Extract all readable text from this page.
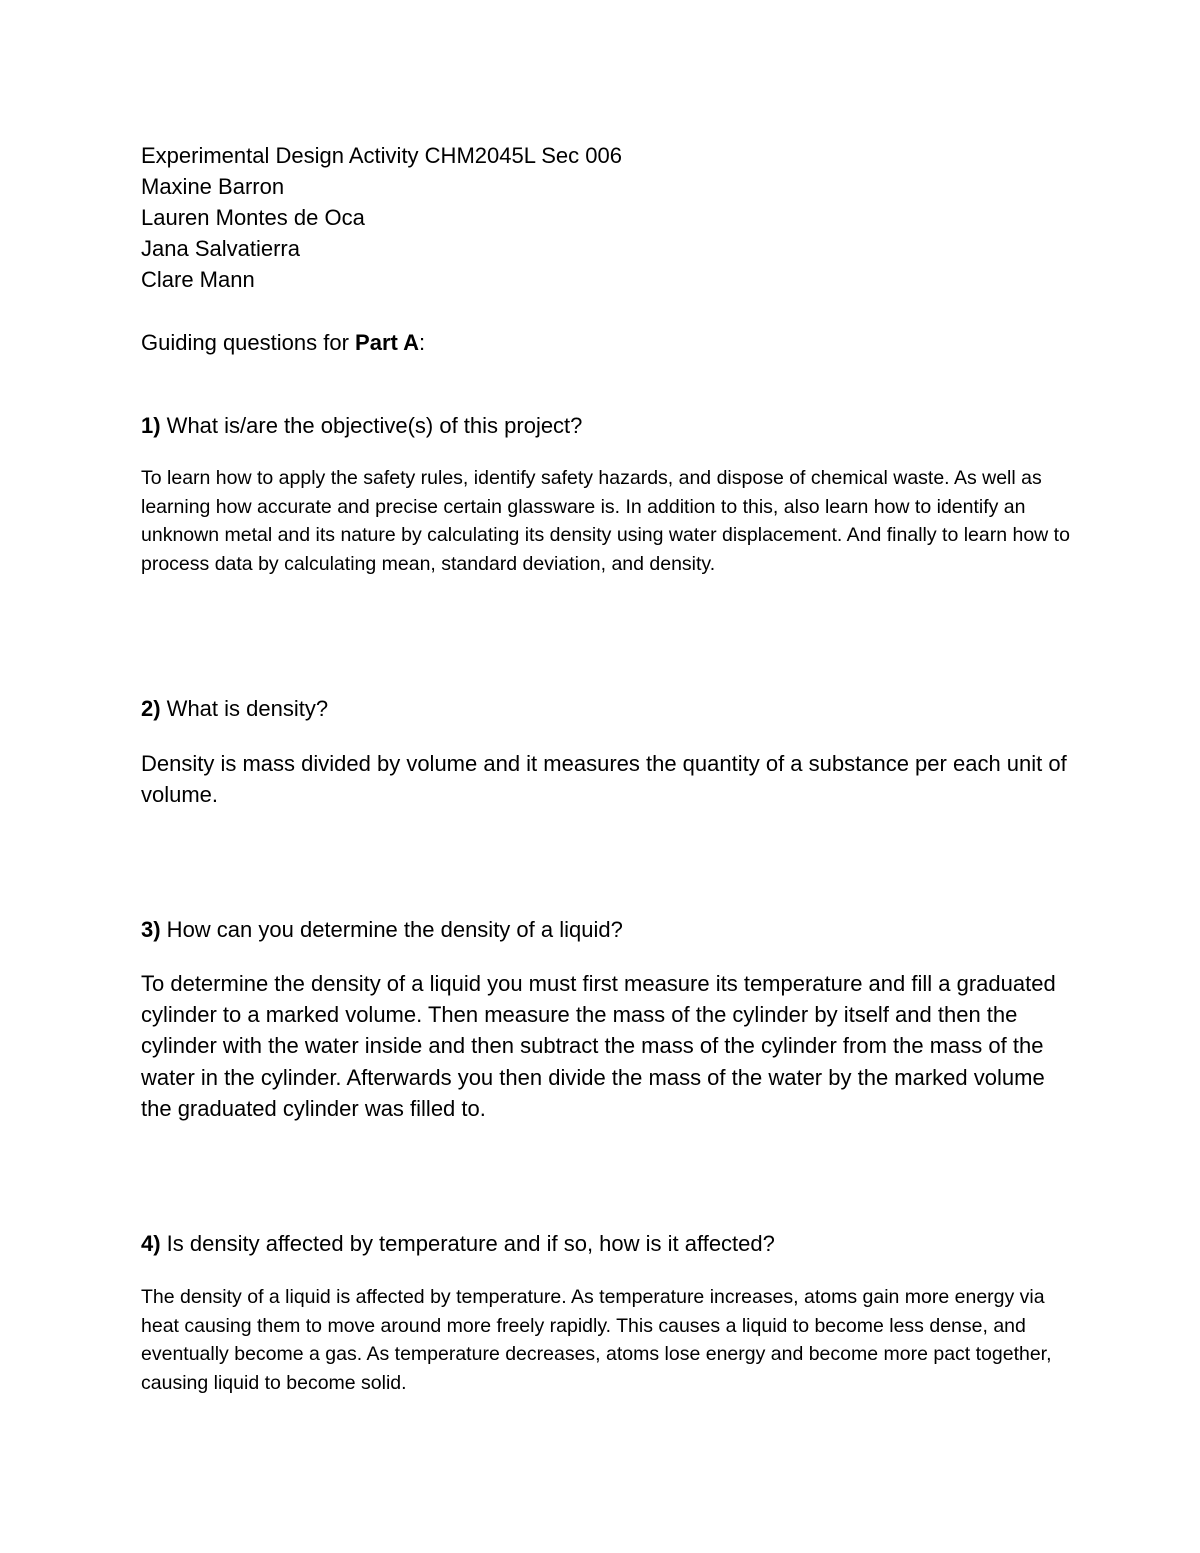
Experimental Design Activity CHM2045L Sec 006
Maxine Barron
Lauren Montes de Oca
Jana Salvatierra
Clare Mann
Guiding questions for Part A:
1) What is/are the objective(s) of this project?

To learn how to apply the safety rules, identify safety hazards, and dispose of chemical waste. As well as learning how accurate and precise certain glassware is. In addition to this, also learn how to identify an unknown metal and its nature by calculating its density using water displacement. And finally to learn how to process data by calculating mean, standard deviation, and density.

2) What is density?

Density is mass divided by volume and it measures the quantity of a substance per each unit of volume.

3) How can you determine the density of a liquid?

To determine the density of a liquid you must first measure its temperature and fill a graduated cylinder to a marked volume. Then measure the mass of the cylinder by itself and then the cylinder with the water inside and then subtract the mass of the cylinder from the mass of the water in the cylinder. Afterwards you then divide the mass of the water by the marked volume the graduated cylinder was filled to.

4) Is density affected by temperature and if so, how is it affected?

The density of a liquid is affected by temperature. As temperature increases, atoms gain more energy via heat causing them to move around more freely rapidly. This causes a liquid to become less dense, and eventually become a gas. As temperature decreases, atoms lose energy and become more pact together, causing liquid to become solid.
